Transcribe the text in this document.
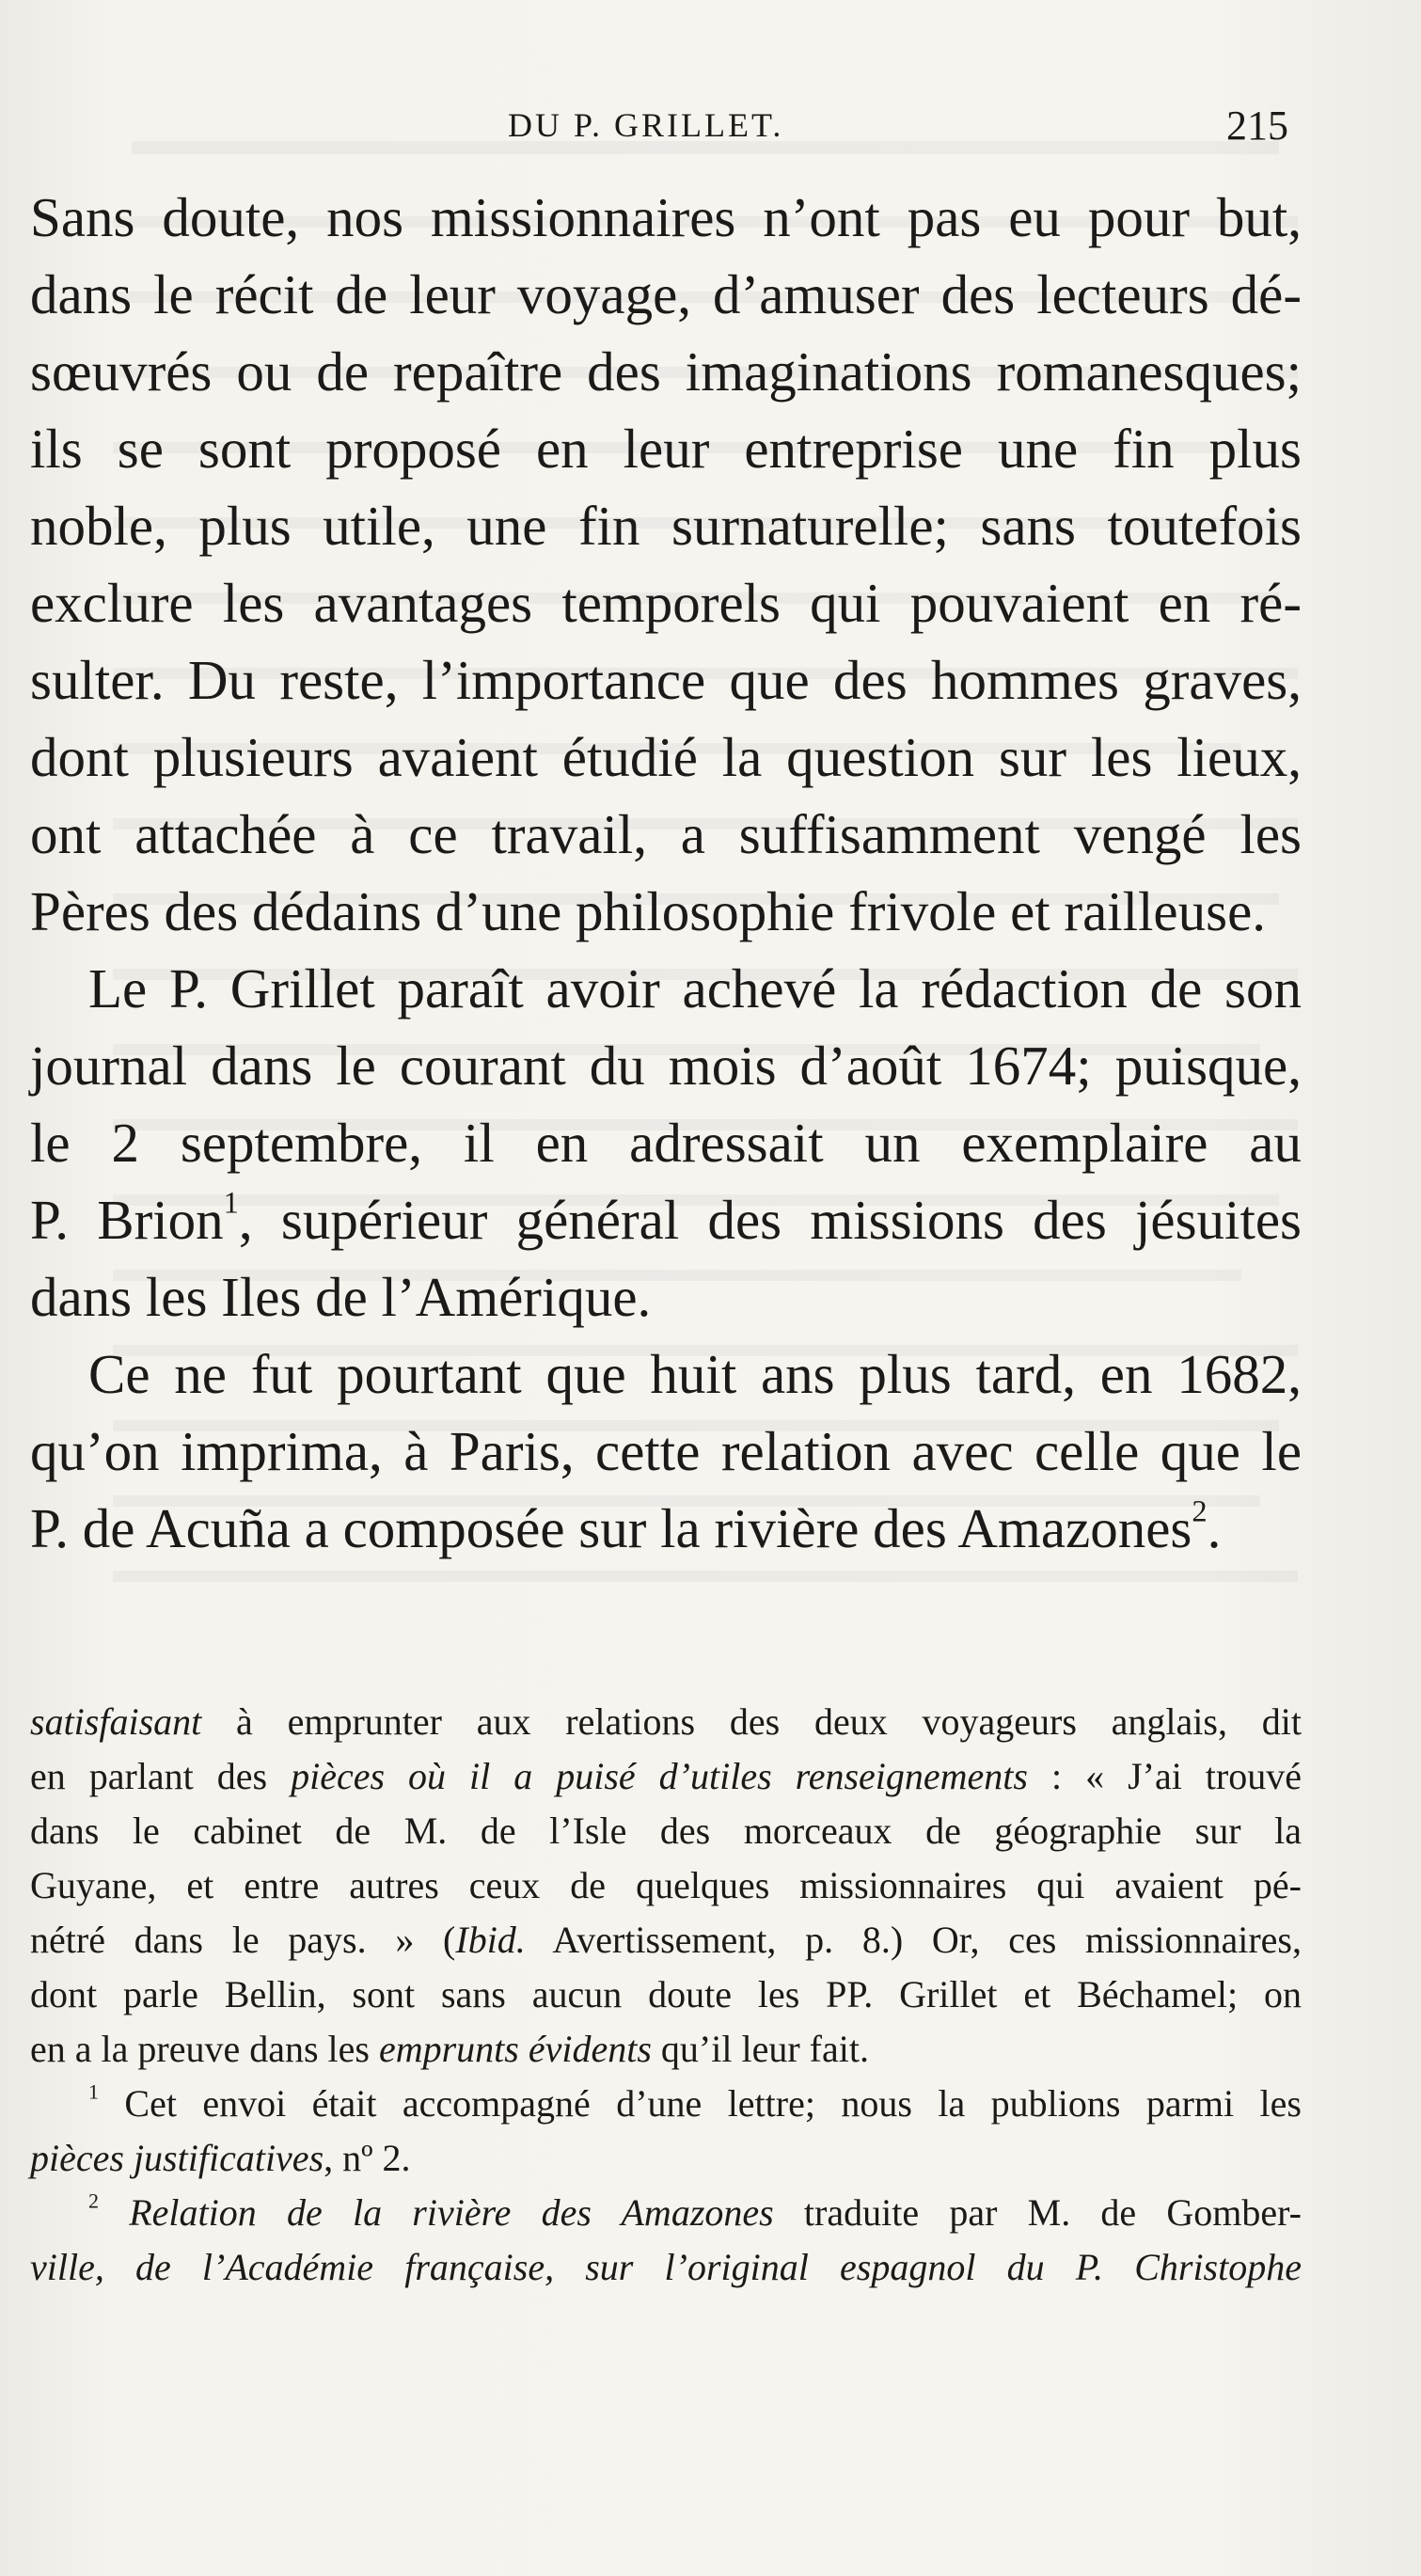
DU P. GRILLET.	215
Sans doute, nos missionnaires n’ont pas eu pour but,
dans le récit de leur voyage, d’amuser des lecteurs dé-
sœuvrés ou de repaître des imaginations romanesques;
ils se sont proposé en leur entreprise une fin plus
noble, plus utile, une fin surnaturelle; sans toutefois
exclure les avantages temporels qui pouvaient en ré-
sulter. Du reste, l’importance que des hommes graves,
dont plusieurs avaient étudié la question sur les lieux,
ont attachée à ce travail, a suffisamment vengé les
Pères des dédains d’une philosophie frivole et railleuse.
Le P. Grillet paraît avoir achevé la rédaction de son
journal dans le courant du mois d’août 1674; puisque,
le 2 septembre, il en adressait un exemplaire au
P. Brion$^1$, supérieur général des missions des jésuites
dans les Iles de l’Amérique.
Ce ne fut pourtant que huit ans plus tard, en 1682,
qu’on imprima, à Paris, cette relation avec celle que le
P. de Acuña a composée sur la rivière des Amazones$^2$.
satisfaisant à emprunter aux relations des deux voyageurs anglais, dit
en parlant des pièces où il a puisé d’utiles renseignements : « J’ai trouvé
dans le cabinet de M. de l’Isle des morceaux de géographie sur la
Guyane, et entre autres ceux de quelques missionnaires qui avaient pé-
nétré dans le pays. » (Ibid. Avertissement, p. 8.) Or, ces missionnaires,
dont parle Bellin, sont sans aucun doute les PP. Grillet et Béchamel; on
en a la preuve dans les emprunts évidents qu’il leur fait.
$^1$ Cet envoi était accompagné d’une lettre; nous la publions parmi les
pièces justificatives, nº 2.
$^2$ Relation de la rivière des Amazones traduite par M. de Gomber-
ville, de l’Académie française, sur l’original espagnol du P. Christophe
